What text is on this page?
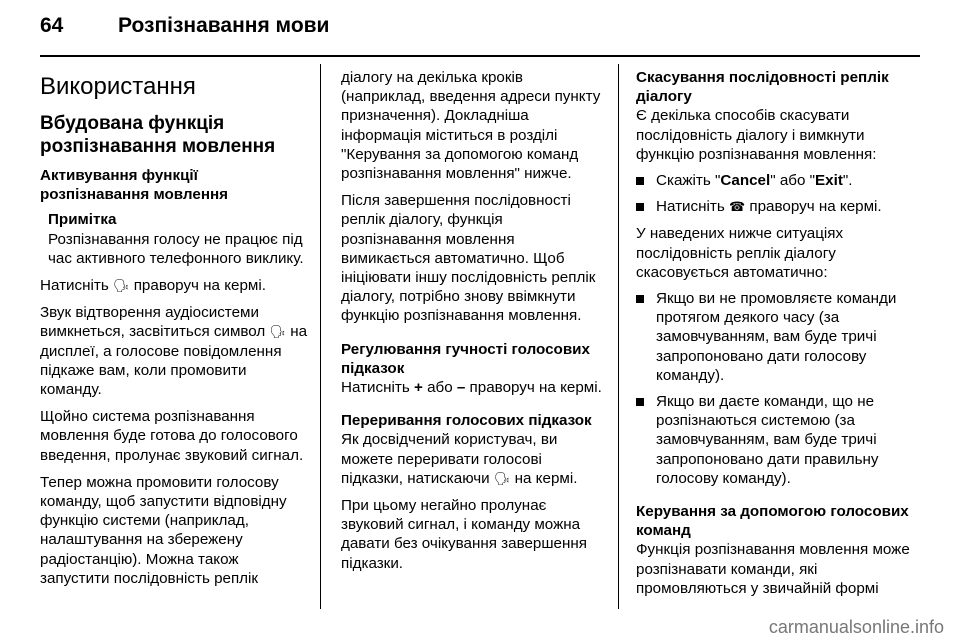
64	Розпізнавання мови

Використання

Вбудована функція розпізнавання мовлення

Активування функції розпізнавання мовлення

Примітка

Розпізнавання голосу не працює під час активного телефонного виклику.

Натисніть 🗣 праворуч на кермі.

Звук відтворення аудіосистеми вимкнеться, засвітиться символ 🗣 на дисплеї, а голосове повідомлення підкаже вам, коли промовити команду.

Щойно система розпізнавання мовлення буде готова до голосового введення, пролунає звуковий сигнал.

Тепер можна промовити голосову команду, щоб запустити відповідну функцію системи (наприклад, налаштування на збережену радіостанцію). Можна також запустити послідовність реплік

діалогу на декілька кроків (наприклад, введення адреси пункту призначення). Докладніша інформація міститься в розділі "Керування за допомогою команд розпізнавання мовлення" нижче.

Після завершення послідовності реплік діалогу, функція розпізнавання мовлення вимикається автоматично. Щоб ініціювати іншу послідовність реплік діалогу, потрібно знову ввімкнути функцію розпізнавання мовлення.

Регулювання гучності голосових підказок

Натисніть + або – праворуч на кермі.

Переривання голосових підказок

Як досвідчений користувач, ви можете переривати голосові підказки, натискаючи 🗣 на кермі.

При цьому негайно пролунає звуковий сигнал, і команду можна давати без очікування завершення підказки.

Скасування послідовності реплік діалогу

Є декілька способів скасувати послідовність діалогу і вимкнути функцію розпізнавання мовлення:

Скажіть "Cancel" або "Exit".
Натисніть ☎ праворуч на кермі.

У наведених нижче ситуаціях послідовність реплік діалогу скасовується автоматично:

Якщо ви не промовляєте команди протягом деякого часу (за замовчуванням, вам буде тричі запропоновано дати голосову команду).
Якщо ви даєте команди, що не розпізнаються системою (за замовчуванням, вам буде тричі запропоновано дати правильну голосову команду).

Керування за допомогою голосових команд

Функція розпізнавання мовлення може розпізнавати команди, які промовляються у звичайній формі

carmanualsonline.info
